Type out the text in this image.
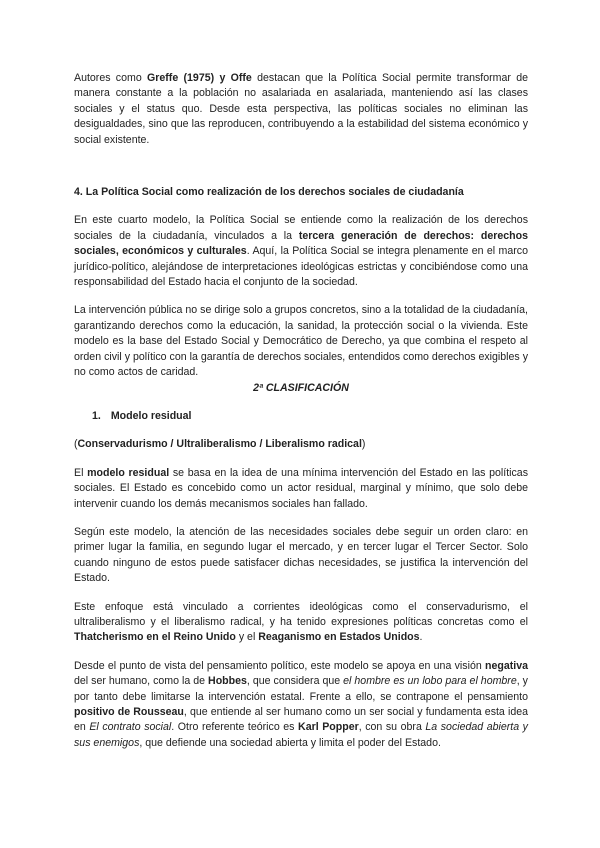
Autores como Greffe (1975) y Offe destacan que la Política Social permite transformar de manera constante a la población no asalariada en asalariada, manteniendo así las clases sociales y el status quo. Desde esta perspectiva, las políticas sociales no eliminan las desigualdades, sino que las reproducen, contribuyendo a la estabilidad del sistema económico y social existente.

4. La Política Social como realización de los derechos sociales de ciudadanía

En este cuarto modelo, la Política Social se entiende como la realización de los derechos sociales de la ciudadanía, vinculados a la tercera generación de derechos: derechos sociales, económicos y culturales. Aquí, la Política Social se integra plenamente en el marco jurídico-político, alejándose de interpretaciones ideológicas estrictas y concibiéndose como una responsabilidad del Estado hacia el conjunto de la sociedad.

La intervención pública no se dirige solo a grupos concretos, sino a la totalidad de la ciudadanía, garantizando derechos como la educación, la sanidad, la protección social o la vivienda. Este modelo es la base del Estado Social y Democrático de Derecho, ya que combina el respeto al orden civil y político con la garantía de derechos sociales, entendidos como derechos exigibles y no como actos de caridad.

2ª CLASIFICACIÓN

1. Modelo residual

(Conservadurismo / Ultraliberalismo / Liberalismo radical)

El modelo residual se basa en la idea de una mínima intervención del Estado en las políticas sociales. El Estado es concebido como un actor residual, marginal y mínimo, que solo debe intervenir cuando los demás mecanismos sociales han fallado.

Según este modelo, la atención de las necesidades sociales debe seguir un orden claro: en primer lugar la familia, en segundo lugar el mercado, y en tercer lugar el Tercer Sector. Solo cuando ninguno de estos puede satisfacer dichas necesidades, se justifica la intervención del Estado.

Este enfoque está vinculado a corrientes ideológicas como el conservadurismo, el ultraliberalismo y el liberalismo radical, y ha tenido expresiones políticas concretas como el Thatcherismo en el Reino Unido y el Reaganismo en Estados Unidos.

Desde el punto de vista del pensamiento político, este modelo se apoya en una visión negativa del ser humano, como la de Hobbes, que considera que el hombre es un lobo para el hombre, y por tanto debe limitarse la intervención estatal. Frente a ello, se contrapone el pensamiento positivo de Rousseau, que entiende al ser humano como un ser social y fundamenta esta idea en El contrato social. Otro referente teórico es Karl Popper, con su obra La sociedad abierta y sus enemigos, que defiende una sociedad abierta y limita el poder del Estado.
